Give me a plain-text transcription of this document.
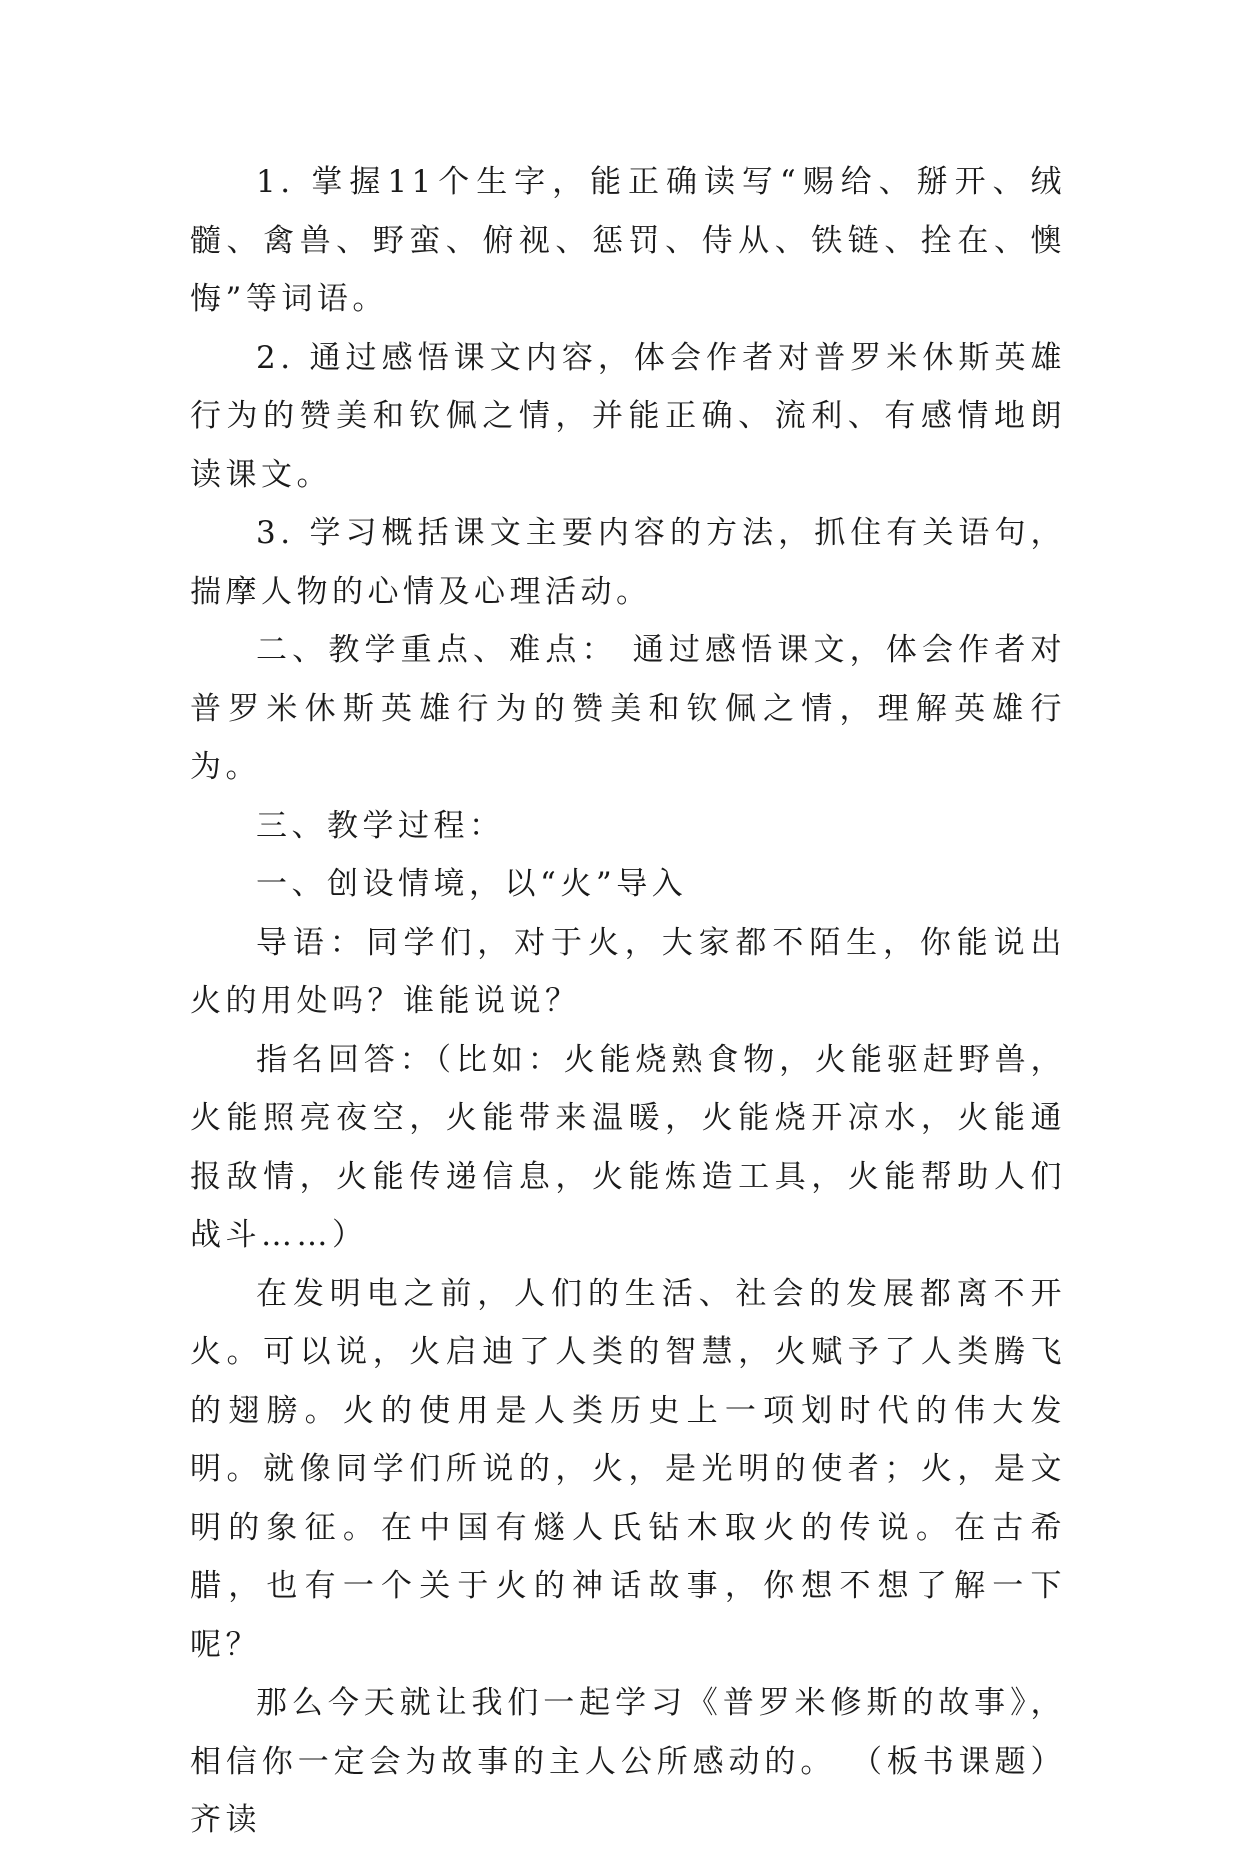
1. 掌握11个生字，能正确读写“赐给、掰开、绒髓、禽兽、野蛮、俯视、惩罚、侍从、铁链、拴在、懊悔”等词语。

2. 通过感悟课文内容，体会作者对普罗米休斯英雄行为的赞美和钦佩之情，并能正确、流利、有感情地朗读课文。

3. 学习概括课文主要内容的方法，抓住有关语句，揣摩人物的心情及心理活动。

二、教学重点、难点： 通过感悟课文，体会作者对普罗米休斯英雄行为的赞美和钦佩之情，理解英雄行为。

三、教学过程：

一、创设情境，以“火”导入

导语：同学们，对于火，大家都不陌生，你能说出火的用处吗？谁能说说？

指名回答：（比如：火能烧熟食物，火能驱赶野兽，火能照亮夜空，火能带来温暖，火能烧开凉水，火能通报敌情，火能传递信息，火能炼造工具，火能帮助人们战斗……）

在发明电之前，人们的生活、社会的发展都离不开火。可以说，火启迪了人类的智慧，火赋予了人类腾飞的翅膀。火的使用是人类历史上一项划时代的伟大发明。就像同学们所说的，火，是光明的使者；火，是文明的象征。在中国有燧人氏钻木取火的传说。在古希腊，也有一个关于火的神话故事，你想不想了解一下呢？

那么今天就让我们一起学习《普罗米修斯的故事》，相信你一定会为故事的主人公所感动的。 （板书课题）齐读
